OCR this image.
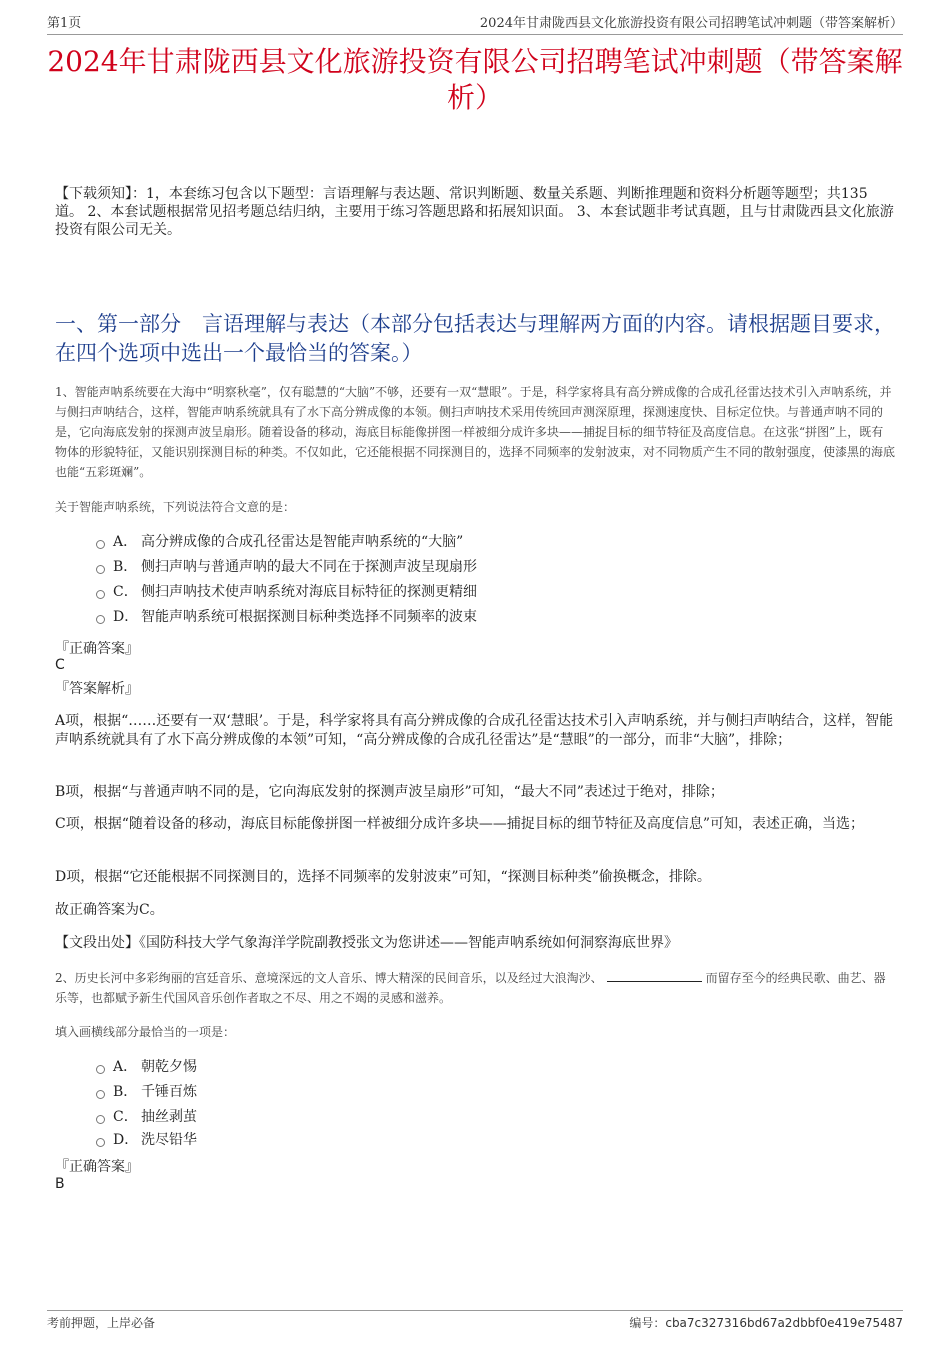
第1页	2024年甘肃陇西县文化旅游投资有限公司招聘笔试冲刺题（带答案解析）
2024年甘肃陇西县文化旅游投资有限公司招聘笔试冲刺题（带答案解析）
【下载须知】：1，本套练习包含以下题型：言语理解与表达题、常识判断题、数量关系题、判断推理题和资料分析题等题型；共135道。 2、本套试题根据常见招考题总结归纳，主要用于练习答题思路和拓展知识面。 3、本套试题非考试真题，且与甘肃陇西县文化旅游投资有限公司无关。
一、第一部分　言语理解与表达（本部分包括表达与理解两方面的内容。请根据题目要求，在四个选项中选出一个最恰当的答案。）
1、智能声呐系统要在大海中“明察秋毫”，仅有聪慧的“大脑”不够，还要有一双“慧眼”。于是，科学家将具有高分辨成像的合成孔径雷达技术引入声呐系统，并与侧扫声呐结合，这样，智能声呐系统就具有了水下高分辨成像的本领。侧扫声呐技术采用传统回声测深原理，探测速度快、目标定位快。与普通声呐不同的是，它向海底发射的探测声波呈扇形。随着设备的移动，海底目标能像拼图一样被细分成许多块——捕捉目标的细节特征及高度信息。在这张“拼图”上，既有物体的形貌特征，又能识别探测目标的种类。不仅如此，它还能根据不同探测目的，选择不同频率的发射波束，对不同物质产生不同的散射强度，使漆黑的海底也能“五彩斑斓”。
关于智能声呐系统，下列说法符合文意的是：
A． 高分辨成像的合成孔径雷达是智能声呐系统的“大脑”
B． 侧扫声呐与普通声呐的最大不同在于探测声波呈现扇形
C． 侧扫声呐技术使声呐系统对海底目标特征的探测更精细
D． 智能声呐系统可根据探测目标种类选择不同频率的波束
『正确答案』
C
『答案解析』
A项，根据“……还要有一双‘慧眼’。于是，科学家将具有高分辨成像的合成孔径雷达技术引入声呐系统，并与侧扫声呐结合，这样，智能声呐系统就具有了水下高分辨成像的本领”可知，“高分辨成像的合成孔径雷达”是“慧眼”的一部分，而非“大脑”，排除；
B项，根据“与普通声呐不同的是，它向海底发射的探测声波呈扇形”可知，“最大不同”表述过于绝对，排除；
C项，根据“随着设备的移动，海底目标能像拼图一样被细分成许多块——捕捉目标的细节特征及高度信息”可知，表述正确，当选；
D项，根据“它还能根据不同探测目的，选择不同频率的发射波束”可知，“探测目标种类”偷换概念，排除。
故正确答案为C。
【文段出处】《国防科技大学气象海洋学院副教授张文为您讲述——智能声呐系统如何洞察海底世界》
2、历史长河中多彩绚丽的宫廷音乐、意境深远的文人音乐、博大精深的民间音乐，以及经过大浪淘沙、	而留存至今的经典民歌、曲艺、器乐等，也都赋予新生代国风音乐创作者取之不尽、用之不竭的灵感和滋养。
填入画横线部分最恰当的一项是：
A． 朝乾夕惕
B． 千锤百炼
C． 抽丝剥茧
D． 洗尽铅华
『正确答案』
B
考前押题，上岸必备	编号：cba7c327316bd67a2dbbf0e419e75487
